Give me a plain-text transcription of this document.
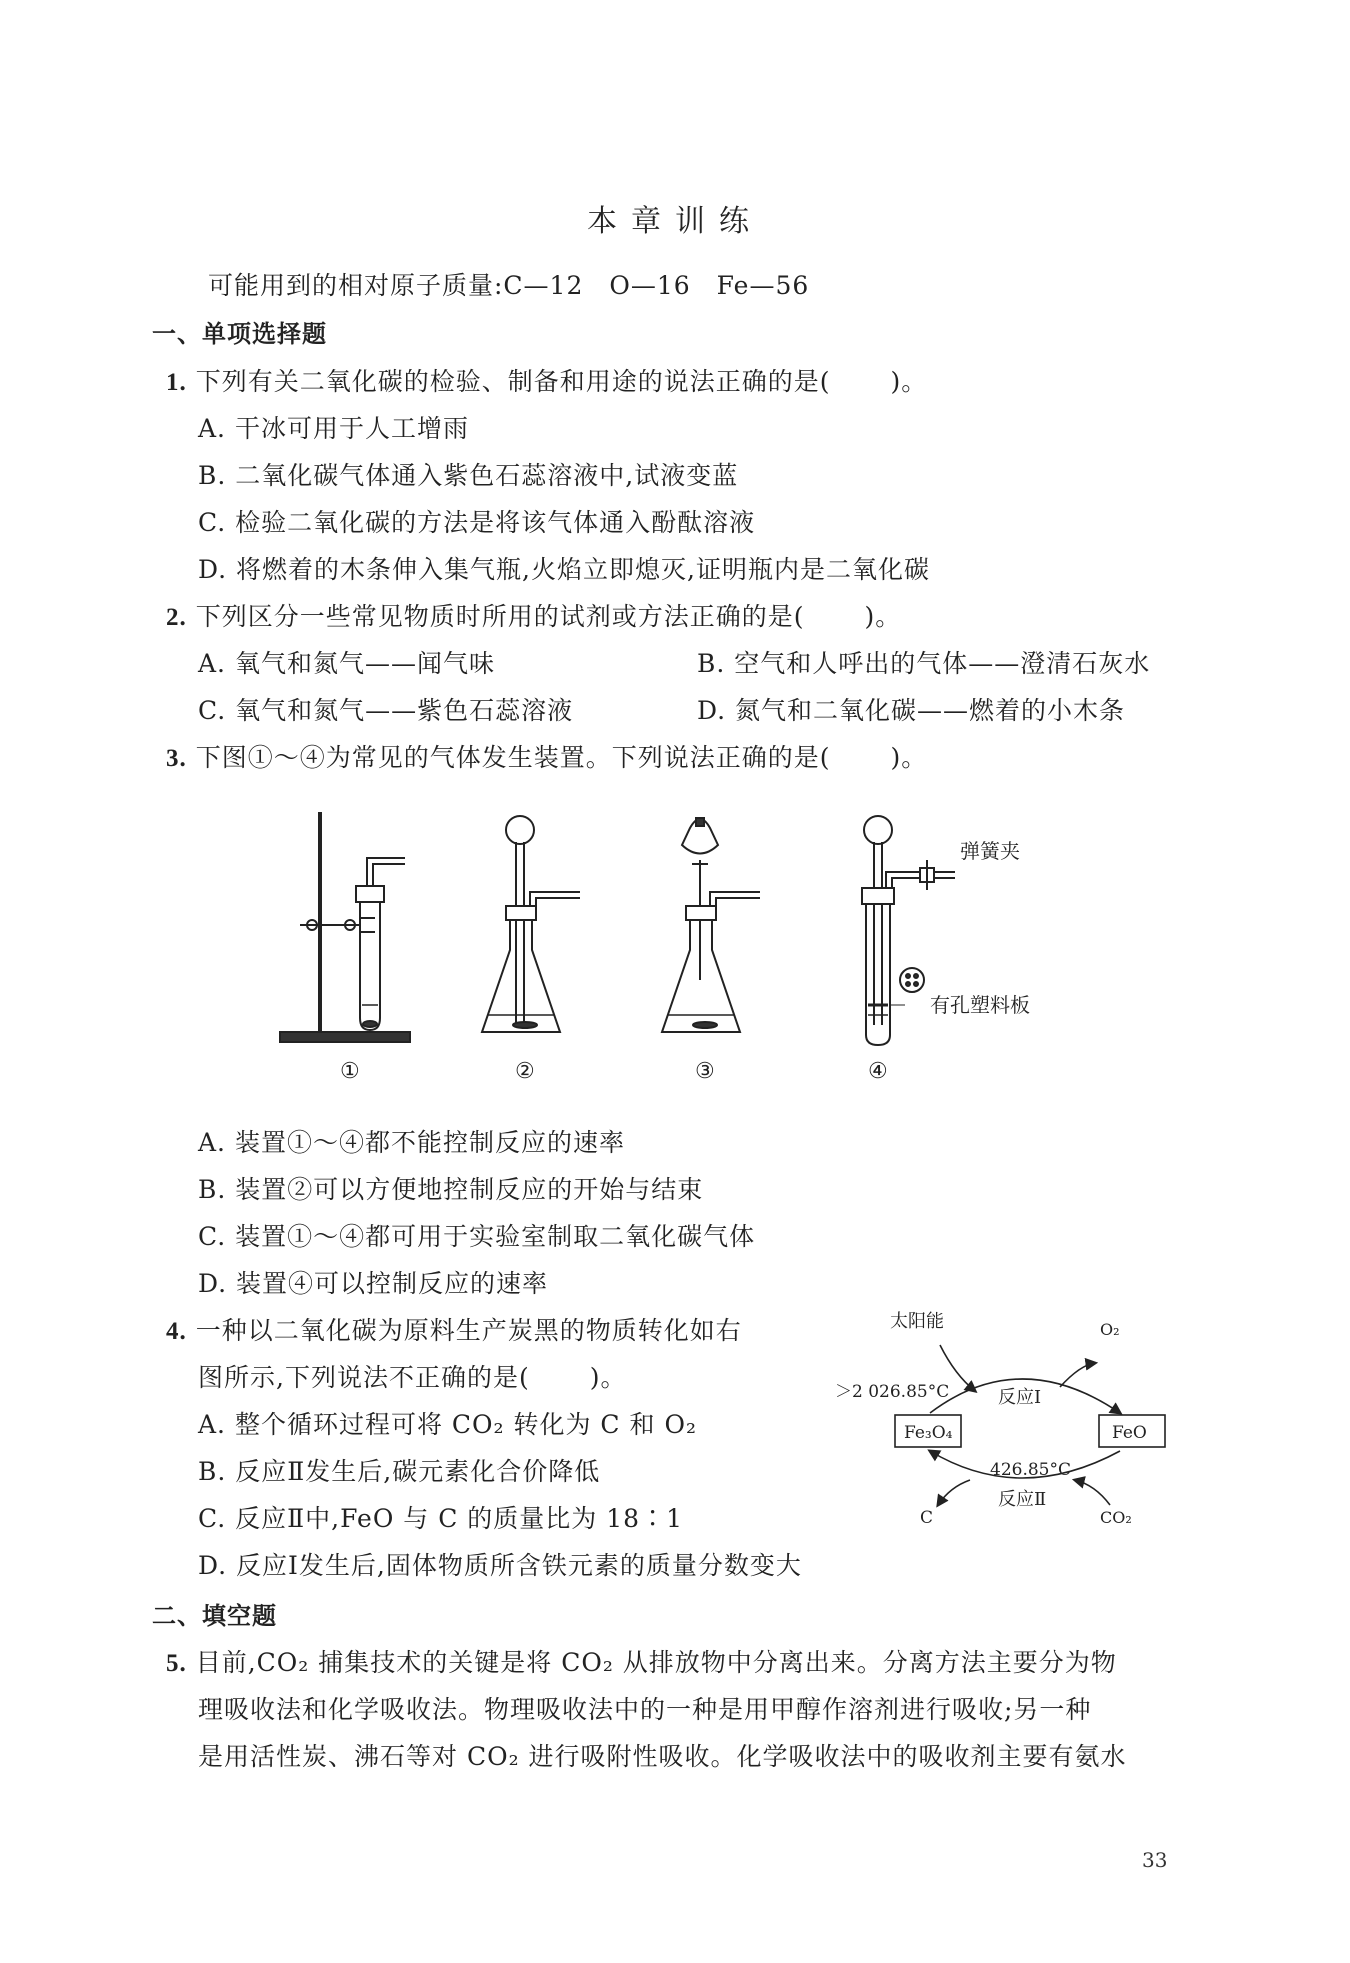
本章训练
可能用到的相对原子质量:C—12　O—16　Fe—56
一、单项选择题
1. 下列有关二氧化碳的检验、制备和用途的说法正确的是( )。
A. 干冰可用于人工增雨
B. 二氧化碳气体通入紫色石蕊溶液中,试液变蓝
C. 检验二氧化碳的方法是将该气体通入酚酞溶液
D. 将燃着的木条伸入集气瓶,火焰立即熄灭,证明瓶内是二氧化碳
2. 下列区分一些常见物质时所用的试剂或方法正确的是( )。
A. 氧气和氮气——闻气味	B. 空气和人呼出的气体——澄清石灰水
C. 氧气和氮气——紫色石蕊溶液	D. 氮气和二氧化碳——燃着的小木条
3. 下图①～④为常见的气体发生装置。下列说法正确的是( )。
弹簧夹
有孔塑料板
①	②	③	④
A. 装置①～④都不能控制反应的速率
B. 装置②可以方便地控制反应的开始与结束
C. 装置①～④都可用于实验室制取二氧化碳气体
D. 装置④可以控制反应的速率
4. 一种以二氧化碳为原料生产炭黑的物质转化如右
图所示,下列说法不正确的是( )。
A. 整个循环过程可将 CO₂ 转化为 C 和 O₂
B. 反应Ⅱ发生后,碳元素化合价降低
C. 反应Ⅱ中,FeO 与 C 的质量比为 18∶1
D. 反应Ⅰ发生后,固体物质所含铁元素的质量分数变大
太阳能	O₂
＞2 026.85°C	反应Ⅰ
Fe₃O₄	FeO
426.85°C
反应Ⅱ
C	CO₂
二、填空题
5. 目前,CO₂ 捕集技术的关键是将 CO₂ 从排放物中分离出来。分离方法主要分为物
理吸收法和化学吸收法。物理吸收法中的一种是用甲醇作溶剂进行吸收;另一种
是用活性炭、沸石等对 CO₂ 进行吸附性吸收。化学吸收法中的吸收剂主要有氨水
33
